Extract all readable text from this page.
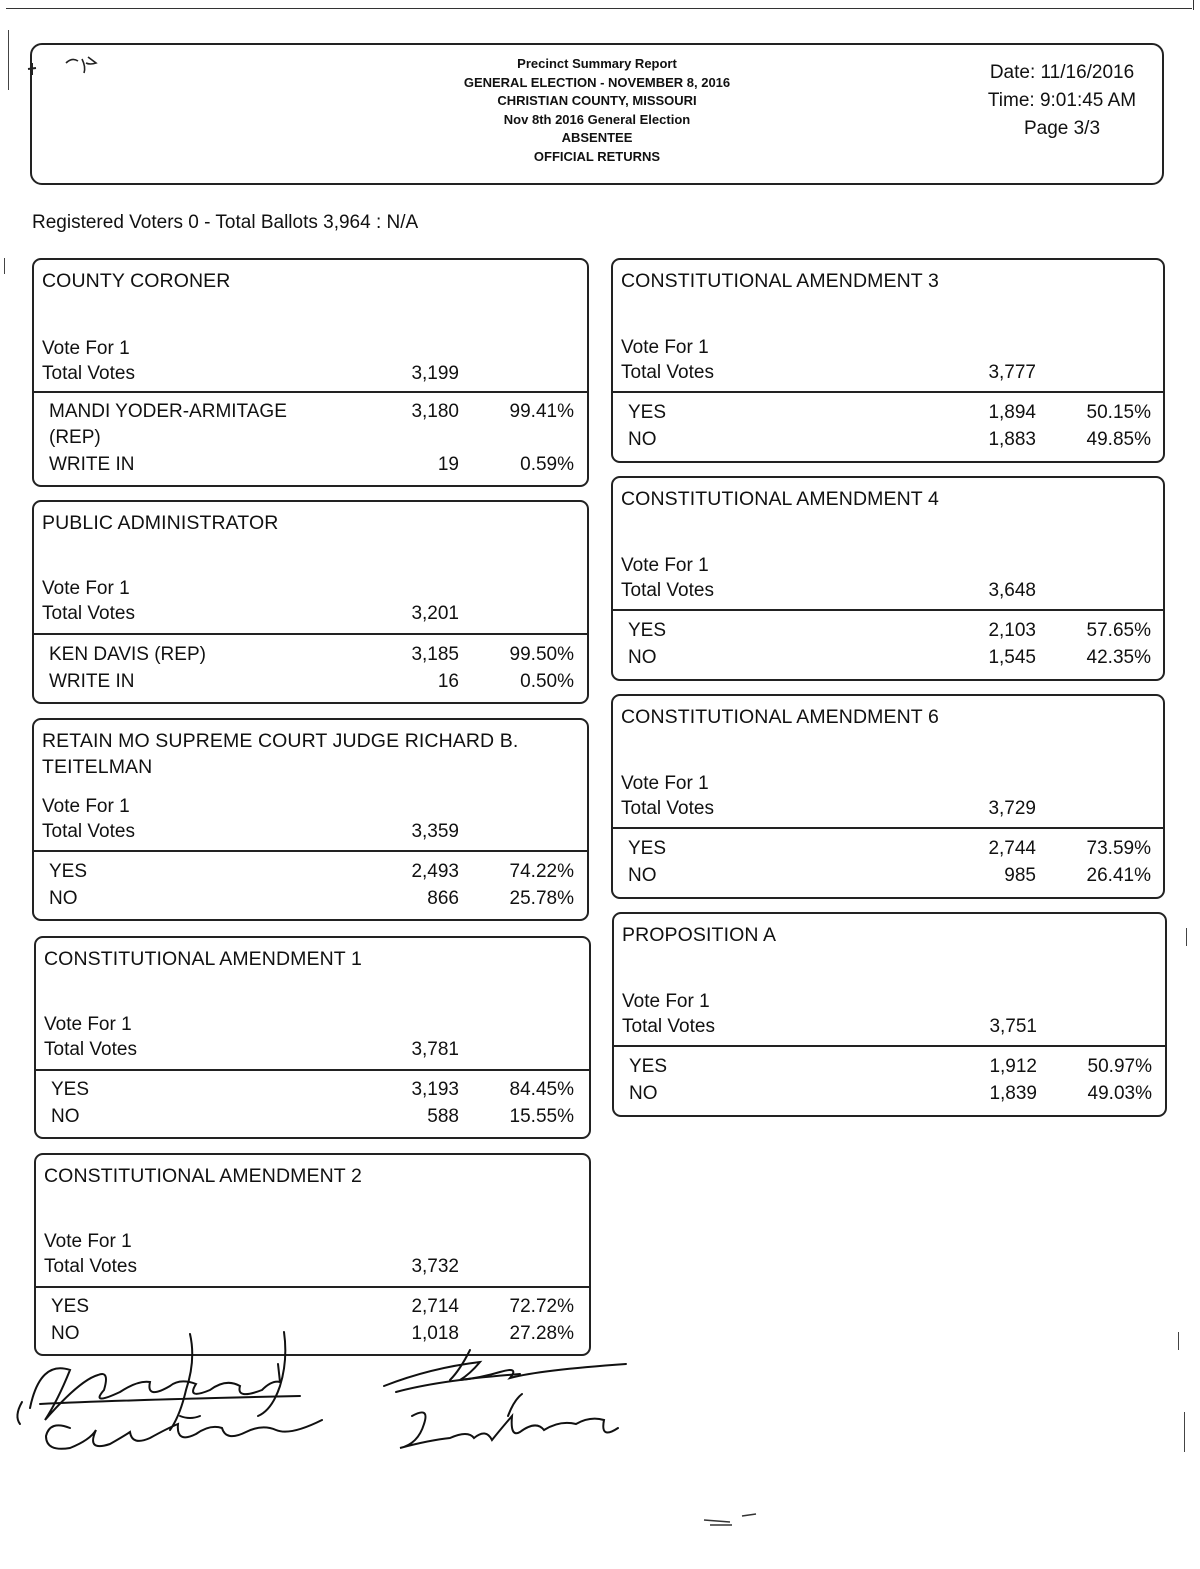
Precinct Summary Report
GENERAL ELECTION - NOVEMBER 8, 2016
CHRISTIAN COUNTY, MISSOURI
Nov 8th 2016 General Election
ABSENTEE
OFFICIAL RETURNS
Date: 11/16/2016
Time: 9:01:45 AM
Page 3/3
Registered Voters 0 - Total Ballots 3,964 : N/A
COUNTY CORONER
Vote For 1
Total Votes	3,199
MANDI YODER-ARMITAGE
(REP)
3,180	99.41%
WRITE IN	19	0.59%
PUBLIC ADMINISTRATOR
Vote For 1
Total Votes	3,201
KEN DAVIS (REP)	3,185	99.50%
WRITE IN	16	0.50%
RETAIN MO SUPREME COURT JUDGE RICHARD B.
TEITELMAN
Vote For 1
Total Votes	3,359
YES	2,493	74.22%
NO	866	25.78%
CONSTITUTIONAL AMENDMENT 1
Vote For 1
Total Votes	3,781
YES	3,193	84.45%
NO	588	15.55%
CONSTITUTIONAL AMENDMENT 2
Vote For 1
Total Votes	3,732
YES	2,714	72.72%
NO	1,018	27.28%
CONSTITUTIONAL AMENDMENT 3
Vote For 1
Total Votes	3,777
YES	1,894	50.15%
NO	1,883	49.85%
CONSTITUTIONAL AMENDMENT 4
Vote For 1
Total Votes	3,648
YES	2,103	57.65%
NO	1,545	42.35%
CONSTITUTIONAL AMENDMENT 6
Vote For 1
Total Votes	3,729
YES	2,744	73.59%
NO	985	26.41%
PROPOSITION A
Vote For 1
Total Votes	3,751
YES	1,912	50.97%
NO	1,839	49.03%
